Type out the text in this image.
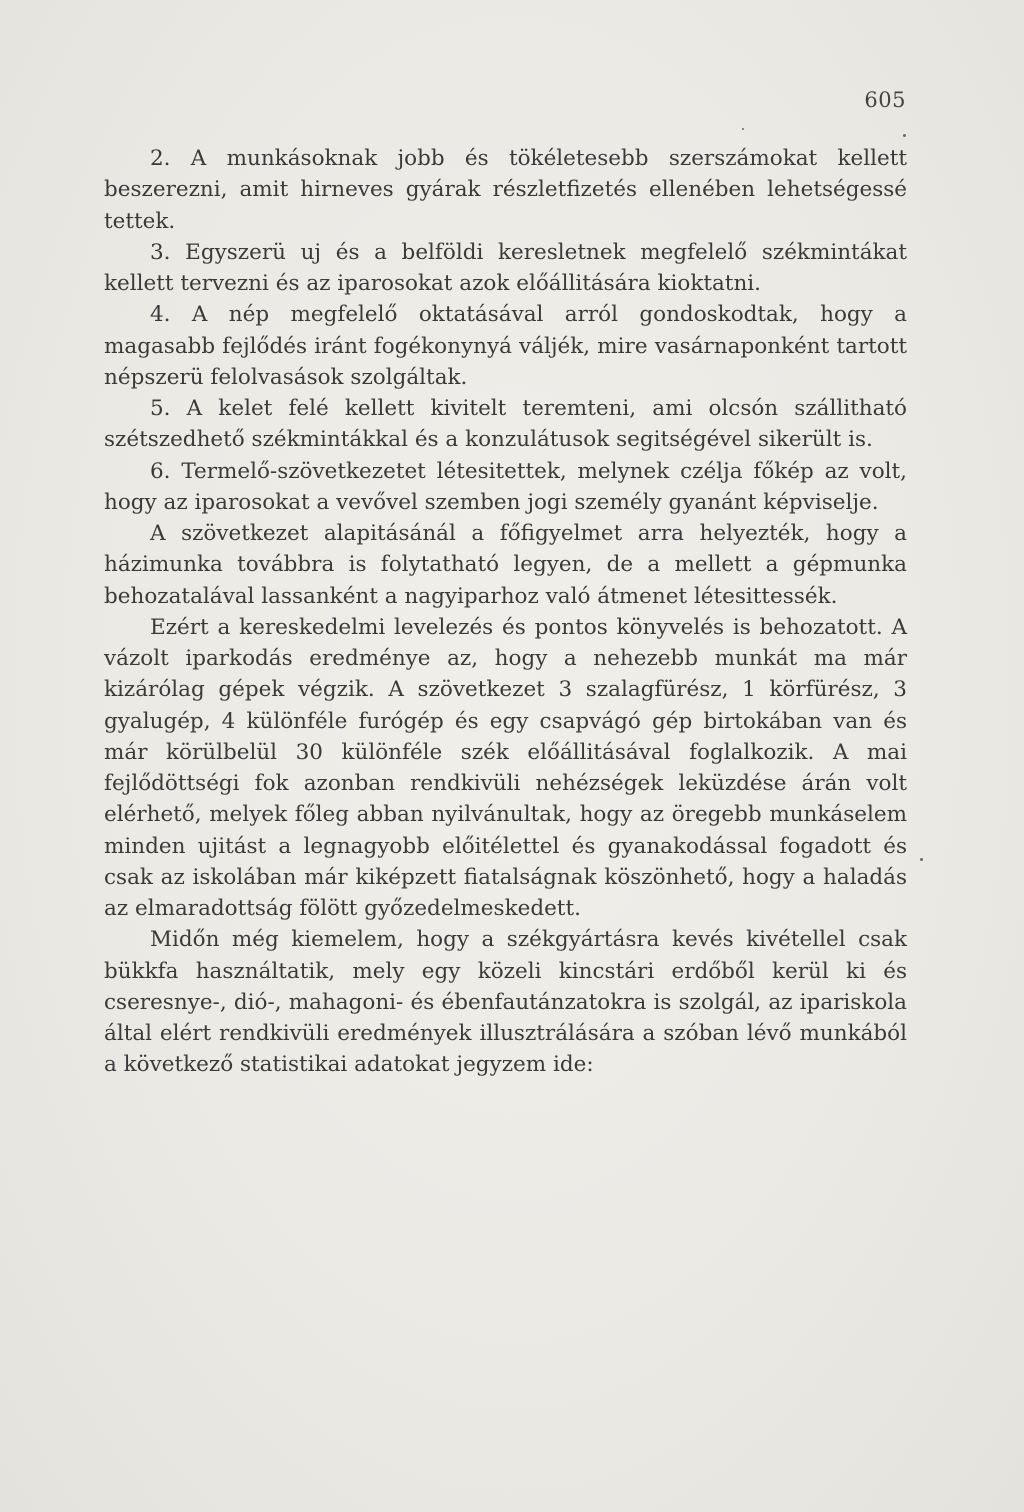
605

2. A munkásoknak jobb és tökéletesebb szerszámokat kellett beszerezni, amit hirneves gyárak részletfizetés ellenében lehetségessé tettek.

3. Egyszerü uj és a belföldi keresletnek megfelelő székmintákat kellett tervezni és az iparosokat azok előállitására kioktatni.

4. A nép megfelelő oktatásával arról gondoskodtak, hogy a magasabb fejlődés iránt fogékonynyá váljék, mire vasárnaponként tartott népszerü felolvasások szolgáltak.

5. A kelet felé kellett kivitelt teremteni, ami olcsón szállitható szétszedhető székmintákkal és a konzulátusok segitségével sikerült is.

6. Termelő-szövetkezetet létesitettek, melynek czélja főkép az volt, hogy az iparosokat a vevővel szemben jogi személy gyanánt képviselje.

A szövetkezet alapitásánál a főfigyelmet arra helyezték, hogy a házimunka továbbra is folytatható legyen, de a mellett a gépmunka behozatalával lassanként a nagyiparhoz való átmenet létesittessék.

Ezért a kereskedelmi levelezés és pontos könyvelés is behozatott. A vázolt iparkodás eredménye az, hogy a nehezebb munkát ma már kizárólag gépek végzik. A szövetkezet 3 szalagfürész, 1 körfürész, 3 gyalugép, 4 különféle furógép és egy csapvágó gép birtokában van és már körülbelül 30 különféle szék előállitásával foglalkozik. A mai fejlődöttségi fok azonban rendkivüli nehézségek leküzdése árán volt elérhető, melyek főleg abban nyilvánultak, hogy az öregebb munkáselem minden ujitást a legnagyobb előitélettel és gyanakodással fogadott és csak az iskolában már kiképzett fiatalságnak köszönhető, hogy a haladás az elmaradottság fölött győzedelmeskedett.

Midőn még kiemelem, hogy a székgyártásra kevés kivétellel csak bükkfa használtatik, mely egy közeli kincstári erdőből kerül ki és cseresnye-, dió-, mahagoni- és ébenfautánzatokra is szolgál, az ipariskola által elért rendkivüli eredmények illusztrálására a szóban lévő munkából a következő statistikai adatokat jegyzem ide:
